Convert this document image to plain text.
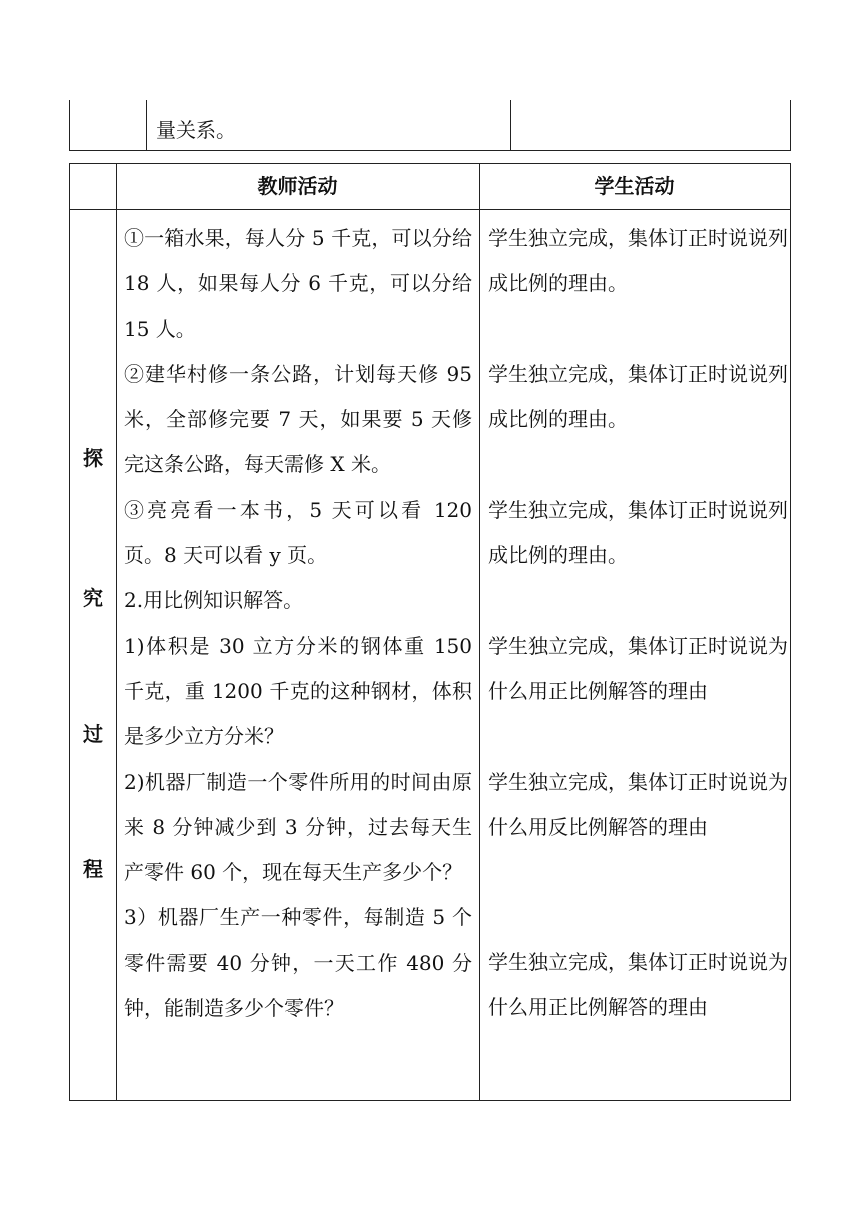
量关系。
教师活动	学生活动
探
究
过
程
①一箱水果，每人分 5 千克，可以分给 18 人，如果每人分 6 千克，可以分给 15 人。
②建华村修一条公路，计划每天修 95 米，全部修完要 7 天，如果要 5 天修完这条公路，每天需修 X 米。
③亮亮看一本书，5 天可以看 120 页。8 天可以看 y 页。
2.用比例知识解答。
1)体积是 30 立方分米的钢体重 150 千克，重 1200 千克的这种钢材，体积是多少立方分米？
2)机器厂制造一个零件所用的时间由原来 8 分钟减少到 3 分钟，过去每天生产零件 60 个，现在每天生产多少个？
3）机器厂生产一种零件，每制造 5 个零件需要 40 分钟，一天工作 480 分钟，能制造多少个零件？
学生独立完成，集体订正时说说列成比例的理由。
学生独立完成，集体订正时说说列成比例的理由。
学生独立完成，集体订正时说说列成比例的理由。
学生独立完成，集体订正时说说为什么用正比例解答的理由
学生独立完成，集体订正时说说为什么用反比例解答的理由
学生独立完成，集体订正时说说为什么用正比例解答的理由
